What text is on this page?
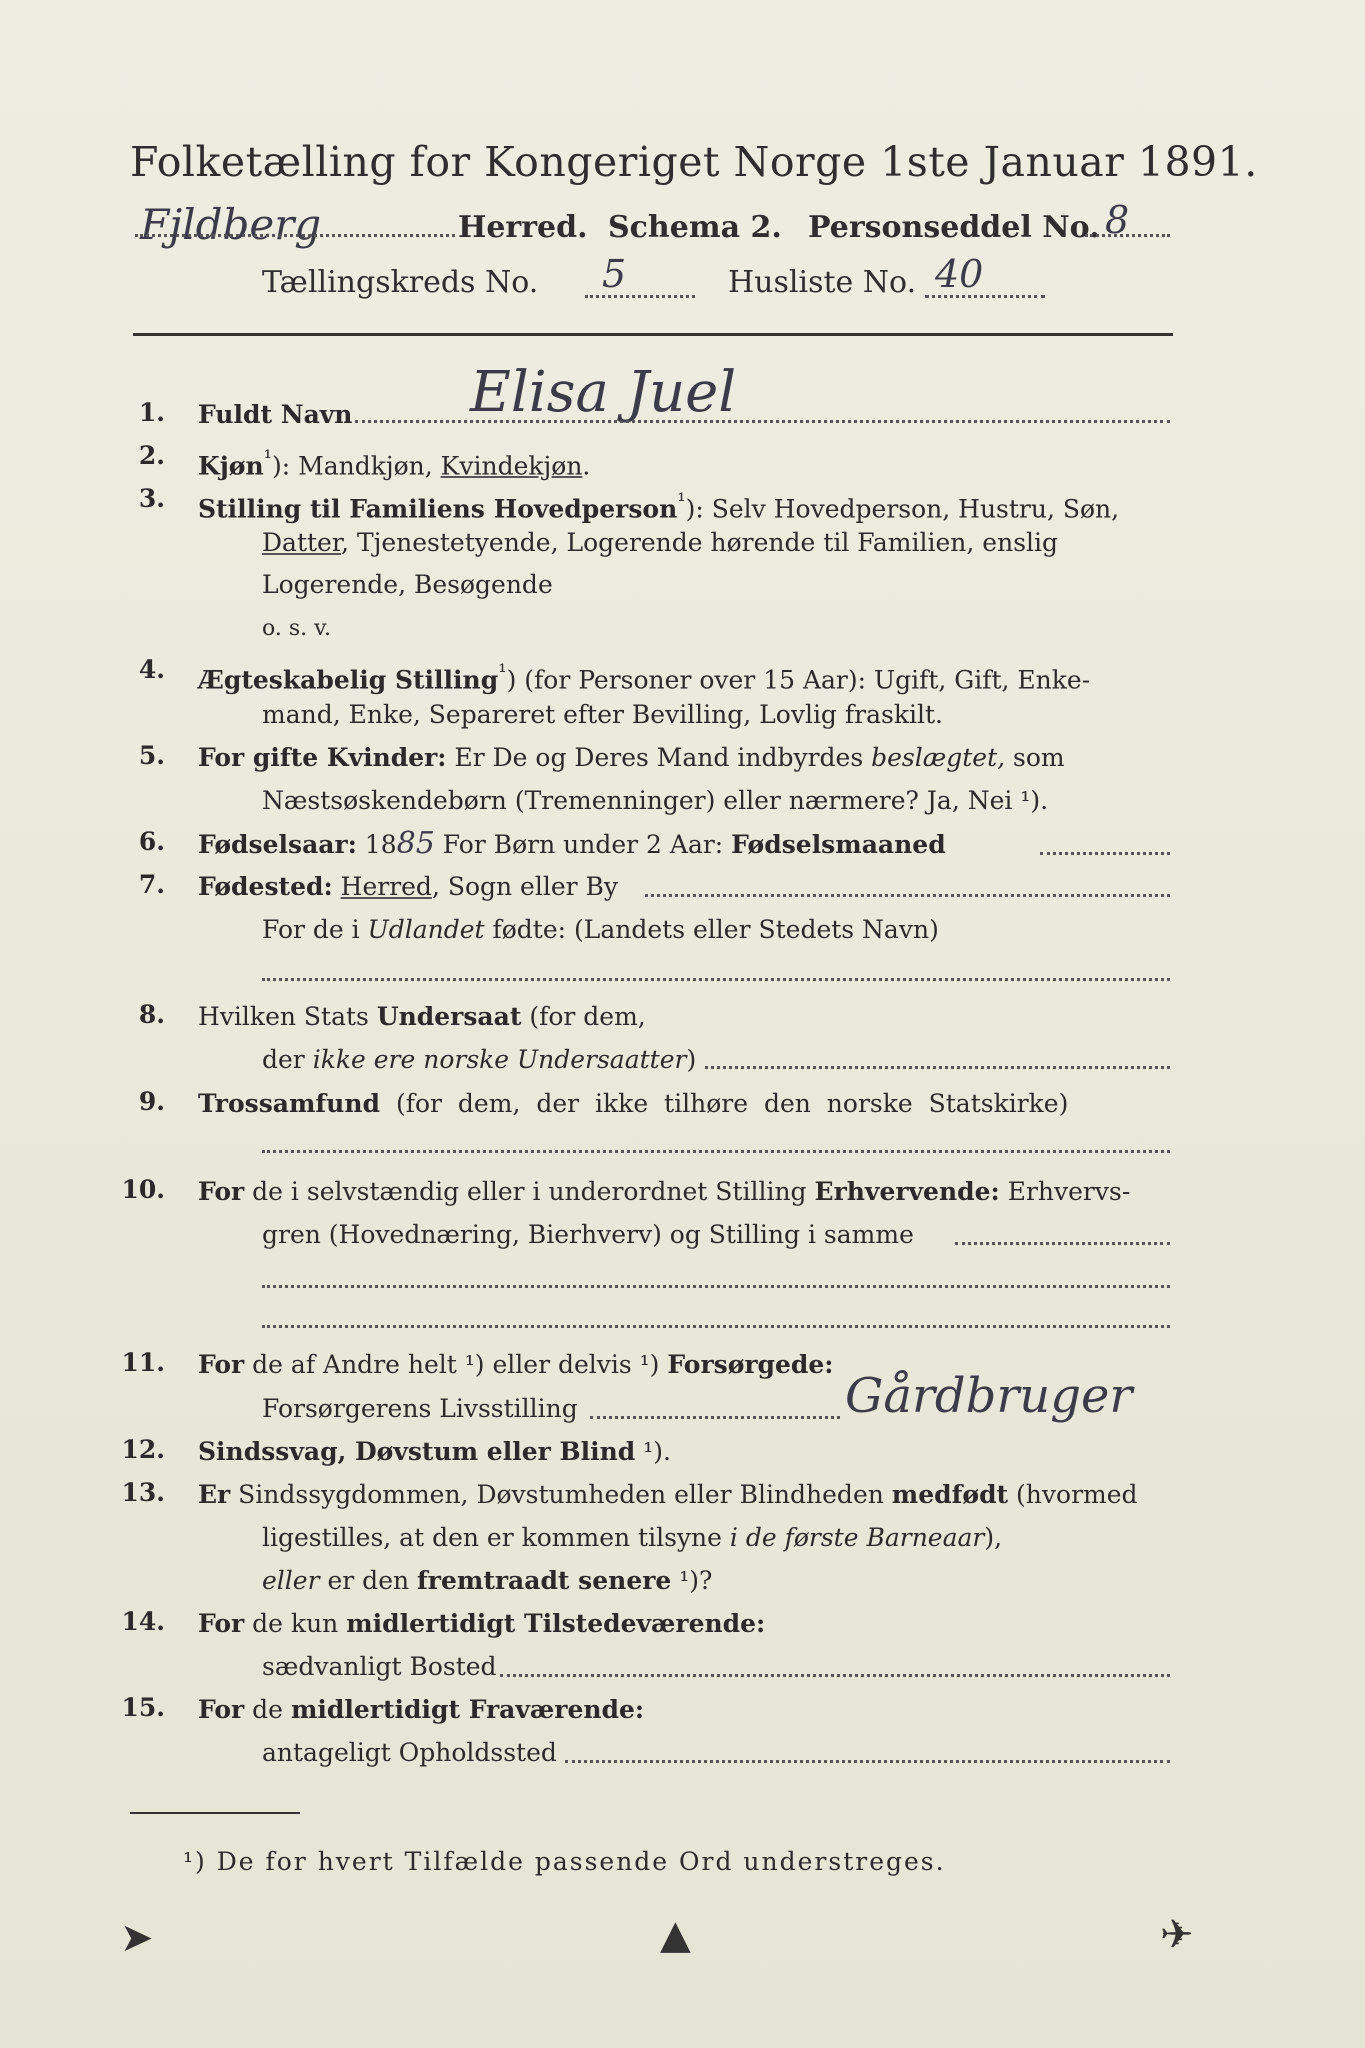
Folketælling for Kongeriget Norge 1ste Januar 1891.
Fjldberg	Herred. Schema 2. Personseddel No. 8
Tællingskreds No. 5	Husliste No. 40
1. Fuldt Navn Elisa Juel
2. Kjøn$^{^1}$): Mandkjøn, Kvindekjøn.
3. Stilling til Familiens Hovedperson$^{^1}$): Selv Hovedperson, Hustru, Søn,
Datter, Tjenestetyende, Logerende hørende til Familien, enslig
Logerende, Besøgende
o. s. v.
4. Ægteskabelig Stilling$^{^1}$) (for Personer over 15 Aar): Ugift, Gift, Enke-
mand, Enke, Separeret efter Bevilling, Lovlig fraskilt.
5. For gifte Kvinder: Er De og Deres Mand indbyrdes beslægtet, som
Næstsøskendebørn (Tremenninger) eller nærmere? Ja, Nei ¹).
6. Fødselsaar: 1885 For Børn under 2 Aar: Fødselsmaaned
7. Fødested: Herred, Sogn eller By
For de i Udlandet fødte: (Landets eller Stedets Navn)
8. Hvilken Stats Undersaat (for dem,
der ikke ere norske Undersaatter)
9. Trossamfund (for dem, der ikke tilhøre den norske Statskirke)
10. For de i selvstændig eller i underordnet Stilling Erhvervende: Erhvervs-
gren (Hovednæring, Bierhverv) og Stilling i samme
11. For de af Andre helt ¹) eller delvis ¹) Forsørgede:
Forsørgerens Livsstilling	Gårdbruger
12. Sindssvag, Døvstum eller Blind ¹).
13. Er Sindssygdommen, Døvstumheden eller Blindheden medfødt (hvormed
ligestilles, at den er kommen tilsyne i de første Barneaar),
eller er den fremtraadt senere ¹)?
14. For de kun midlertidigt Tilstedeværende:
sædvanligt Bosted
15. For de midlertidigt Fraværende:
antageligt Opholdssted
¹) De for hvert Tilfælde passende Ord understreges.
➤	▲	✈
